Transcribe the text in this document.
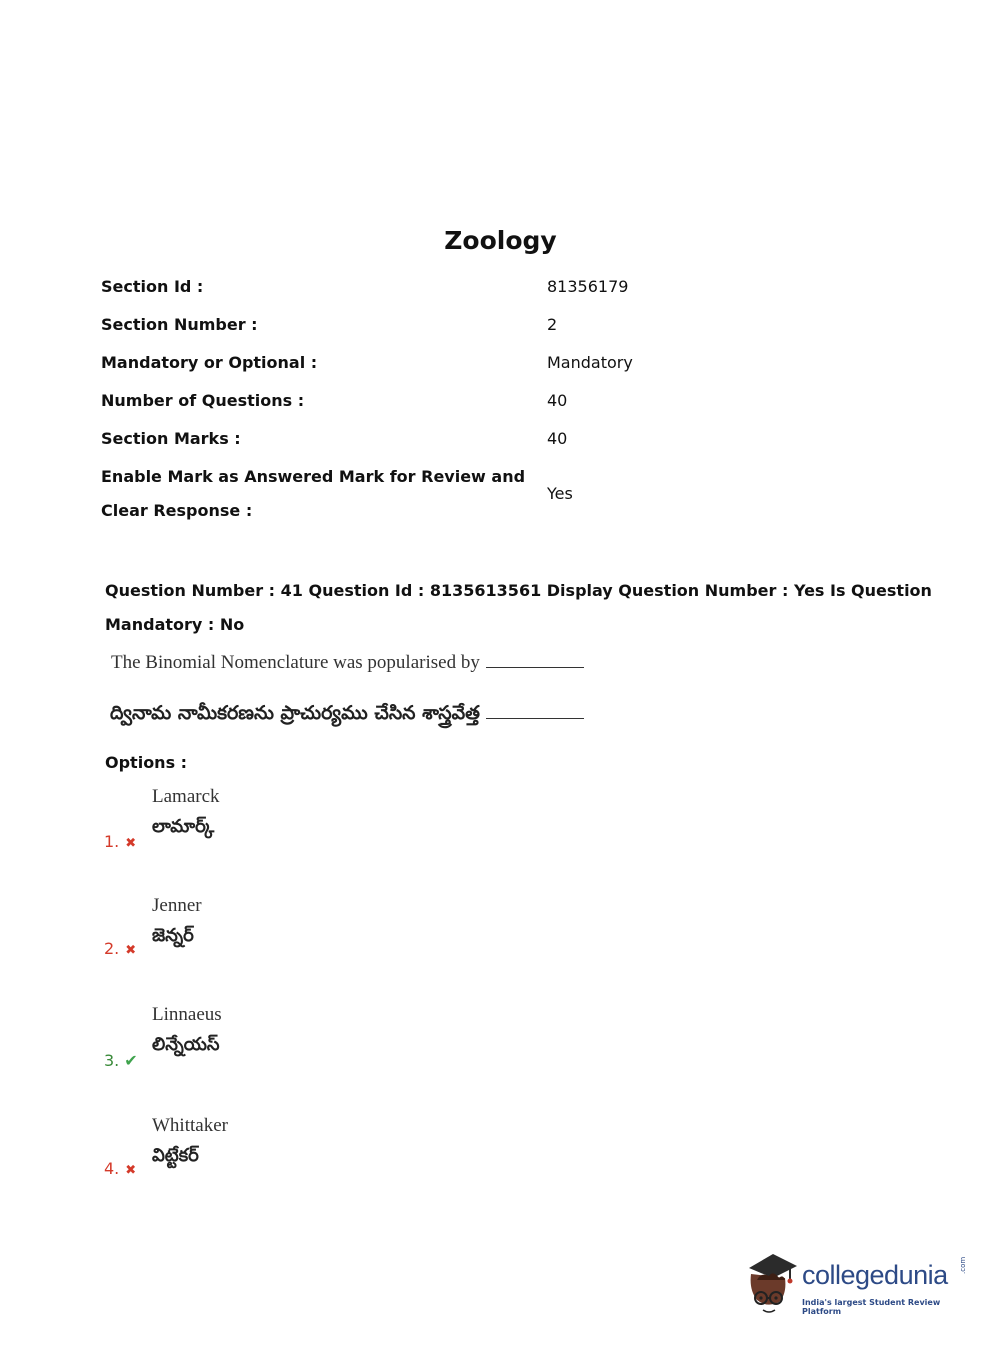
Zoology
Section Id :	81356179
Section Number :	2
Mandatory or Optional :	Mandatory
Number of Questions :	40
Section Marks :	40
Enable Mark as Answered Mark for Review and
Clear Response :
Yes
Question Number : 41 Question Id : 8135613561 Display Question Number : Yes Is Question
Mandatory : No
The Binomial Nomenclature was popularised by
ద్వినామ నామీకరణను ప్రాచుర్యము చేసిన శాస్త్రవేత్త
Options :
Lamarck
లామార్క్
1. ✖
Jenner
జెన్నర్
2. ✖
Linnaeus
లిన్నేయస్
3. ✔
Whittaker
విట్టేకర్
4. ✖
collegedunia .com
India's largest Student Review Platform
